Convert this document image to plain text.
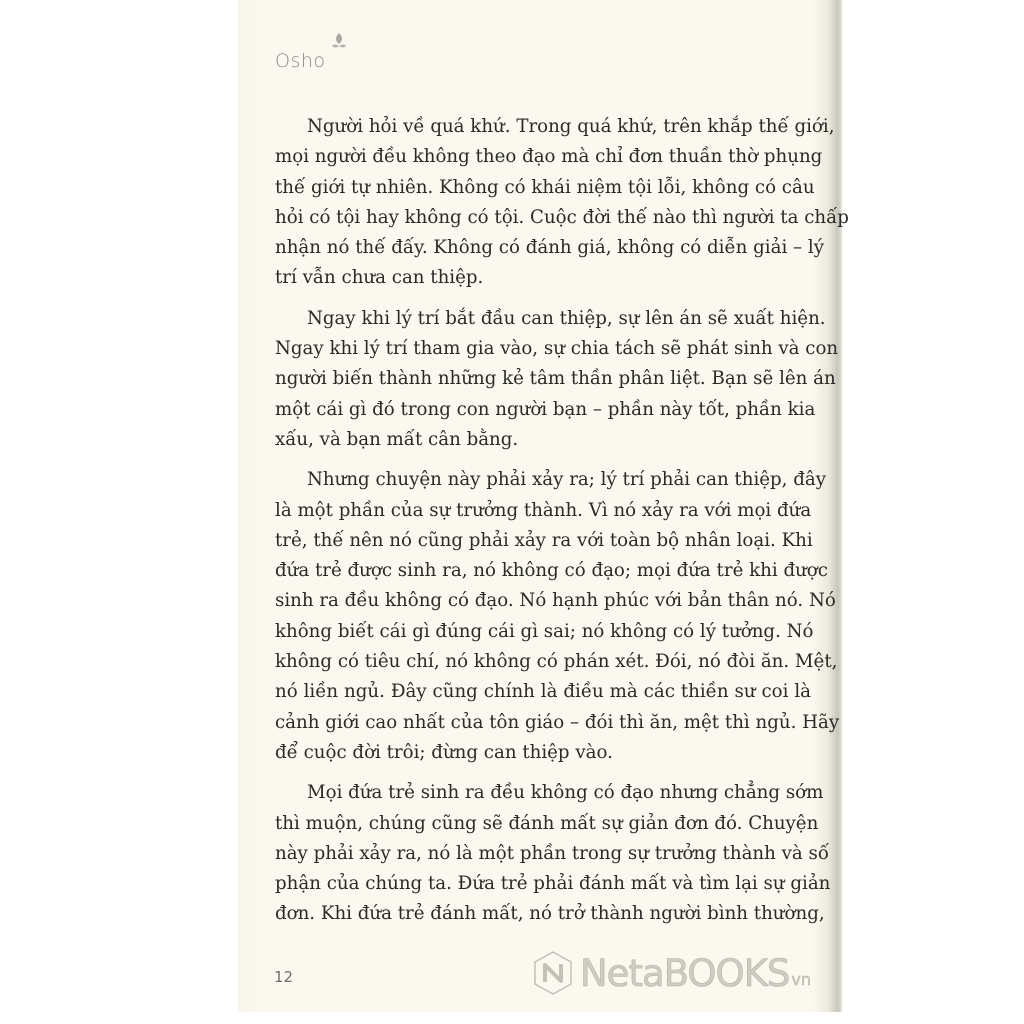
Osho
Người hỏi về quá khứ. Trong quá khứ, trên khắp thế giới,
mọi người đều không theo đạo mà chỉ đơn thuần thờ phụng
thế giới tự nhiên. Không có khái niệm tội lỗi, không có câu
hỏi có tội hay không có tội. Cuộc đời thế nào thì người ta chấp
nhận nó thế đấy. Không có đánh giá, không có diễn giải – lý
trí vẫn chưa can thiệp.
Ngay khi lý trí bắt đầu can thiệp, sự lên án sẽ xuất hiện.
Ngay khi lý trí tham gia vào, sự chia tách sẽ phát sinh và con
người biến thành những kẻ tâm thần phân liệt. Bạn sẽ lên án
một cái gì đó trong con người bạn – phần này tốt, phần kia
xấu, và bạn mất cân bằng.
Nhưng chuyện này phải xảy ra; lý trí phải can thiệp, đây
là một phần của sự trưởng thành. Vì nó xảy ra với mọi đứa
trẻ, thế nên nó cũng phải xảy ra với toàn bộ nhân loại. Khi
đứa trẻ được sinh ra, nó không có đạo; mọi đứa trẻ khi được
sinh ra đều không có đạo. Nó hạnh phúc với bản thân nó. Nó
không biết cái gì đúng cái gì sai; nó không có lý tưởng. Nó
không có tiêu chí, nó không có phán xét. Đói, nó đòi ăn. Mệt,
nó liền ngủ. Đây cũng chính là điều mà các thiền sư coi là
cảnh giới cao nhất của tôn giáo – đói thì ăn, mệt thì ngủ. Hãy
để cuộc đời trôi; đừng can thiệp vào.
Mọi đứa trẻ sinh ra đều không có đạo nhưng chẳng sớm
thì muộn, chúng cũng sẽ đánh mất sự giản đơn đó. Chuyện
này phải xảy ra, nó là một phần trong sự trưởng thành và số
phận của chúng ta. Đứa trẻ phải đánh mất và tìm lại sự giản
đơn. Khi đứa trẻ đánh mất, nó trở thành người bình thường,
12	NetaBOOKS vn
